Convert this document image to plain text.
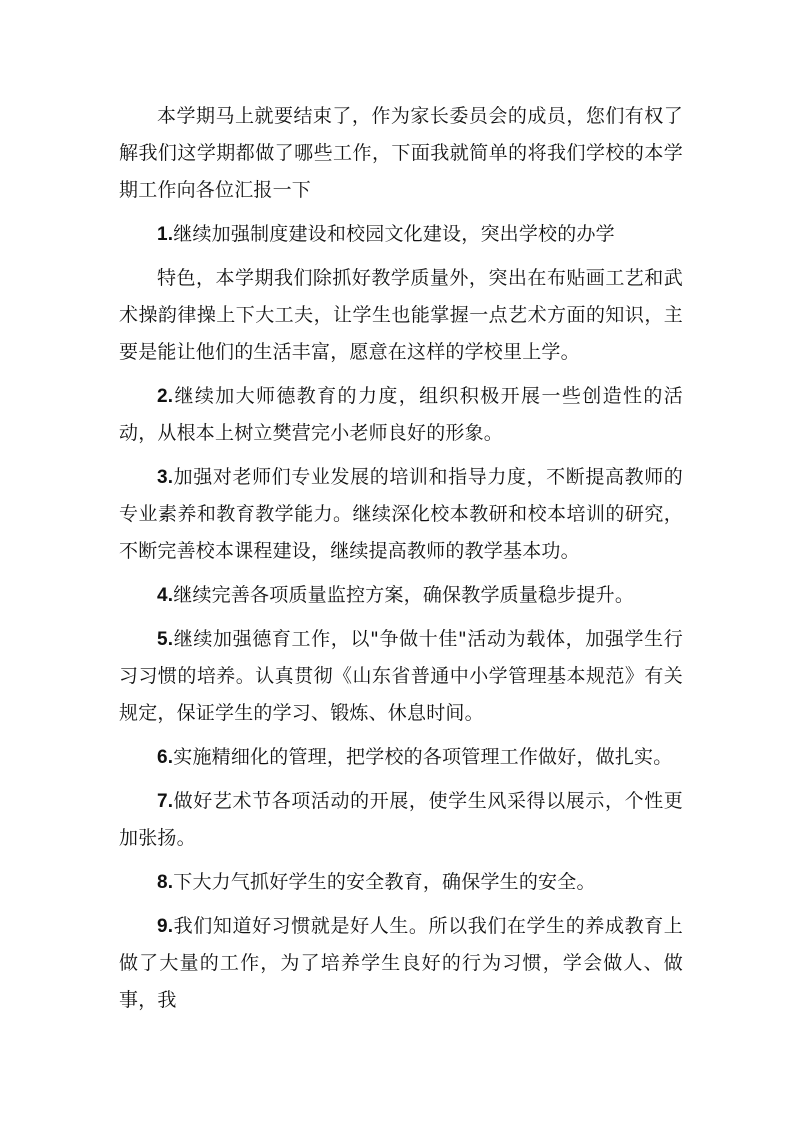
本学期马上就要结束了，作为家长委员会的成员，您们有权了解我们这学期都做了哪些工作，下面我就简单的将我们学校的本学期工作向各位汇报一下

1.继续加强制度建设和校园文化建设，突出学校的办学

特色，本学期我们除抓好教学质量外，突出在布贴画工艺和武术操韵律操上下大工夫，让学生也能掌握一点艺术方面的知识，主要是能让他们的生活丰富，愿意在这样的学校里上学。

2.继续加大师德教育的力度，组织积极开展一些创造性的活动，从根本上树立樊营完小老师良好的形象。

3.加强对老师们专业发展的培训和指导力度，不断提高教师的专业素养和教育教学能力。继续深化校本教研和校本培训的研究，不断完善校本课程建设，继续提高教师的教学基本功。

4.继续完善各项质量监控方案，确保教学质量稳步提升。

5.继续加强德育工作，以"争做十佳"活动为载体，加强学生行习习惯的培养。认真贯彻《山东省普通中小学管理基本规范》有关规定，保证学生的学习、锻炼、休息时间。

6.实施精细化的管理，把学校的各项管理工作做好，做扎实。

7.做好艺术节各项活动的开展，使学生风采得以展示，个性更加张扬。

8.下大力气抓好学生的安全教育，确保学生的安全。

9.我们知道好习惯就是好人生。所以我们在学生的养成教育上做了大量的工作，为了培养学生良好的行为习惯，学会做人、做事，我
